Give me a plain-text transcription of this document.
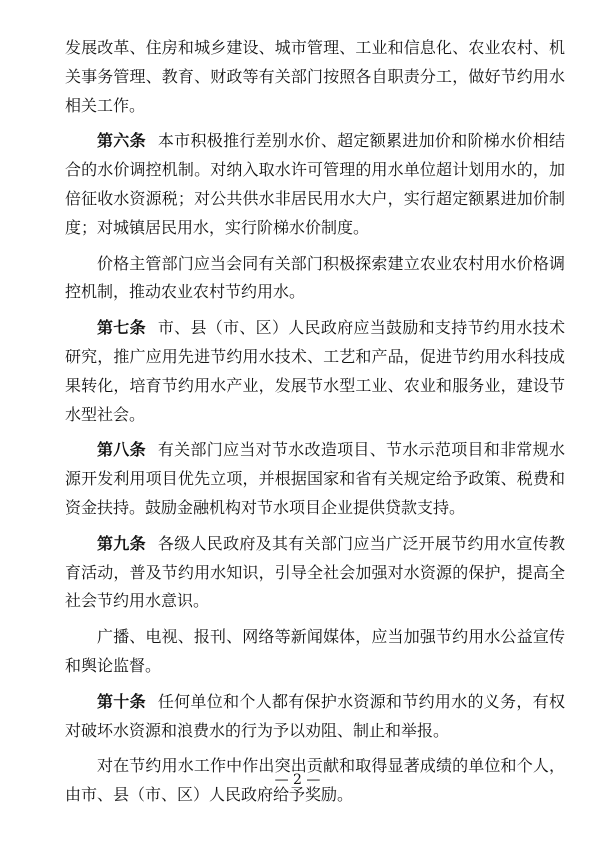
发展改革、住房和城乡建设、城市管理、工业和信息化、农业农村、机关事务管理、教育、财政等有关部门按照各自职责分工，做好节约用水相关工作。

第六条 本市积极推行差别水价、超定额累进加价和阶梯水价相结合的水价调控机制。对纳入取水许可管理的用水单位超计划用水的，加倍征收水资源税；对公共供水非居民用水大户，实行超定额累进加价制度；对城镇居民用水，实行阶梯水价制度。

价格主管部门应当会同有关部门积极探索建立农业农村用水价格调控机制，推动农业农村节约用水。

第七条 市、县（市、区）人民政府应当鼓励和支持节约用水技术研究，推广应用先进节约用水技术、工艺和产品，促进节约用水科技成果转化，培育节约用水产业，发展节水型工业、农业和服务业，建设节水型社会。

第八条 有关部门应当对节水改造项目、节水示范项目和非常规水源开发利用项目优先立项，并根据国家和省有关规定给予政策、税费和资金扶持。鼓励金融机构对节水项目企业提供贷款支持。

第九条 各级人民政府及其有关部门应当广泛开展节约用水宣传教育活动，普及节约用水知识，引导全社会加强对水资源的保护，提高全社会节约用水意识。

广播、电视、报刊、网络等新闻媒体，应当加强节约用水公益宣传和舆论监督。

第十条 任何单位和个人都有保护水资源和节约用水的义务，有权对破坏水资源和浪费水的行为予以劝阻、制止和举报。

对在节约用水工作中作出突出贡献和取得显著成绩的单位和个人，由市、县（市、区）人民政府给予奖励。

— 2 —
